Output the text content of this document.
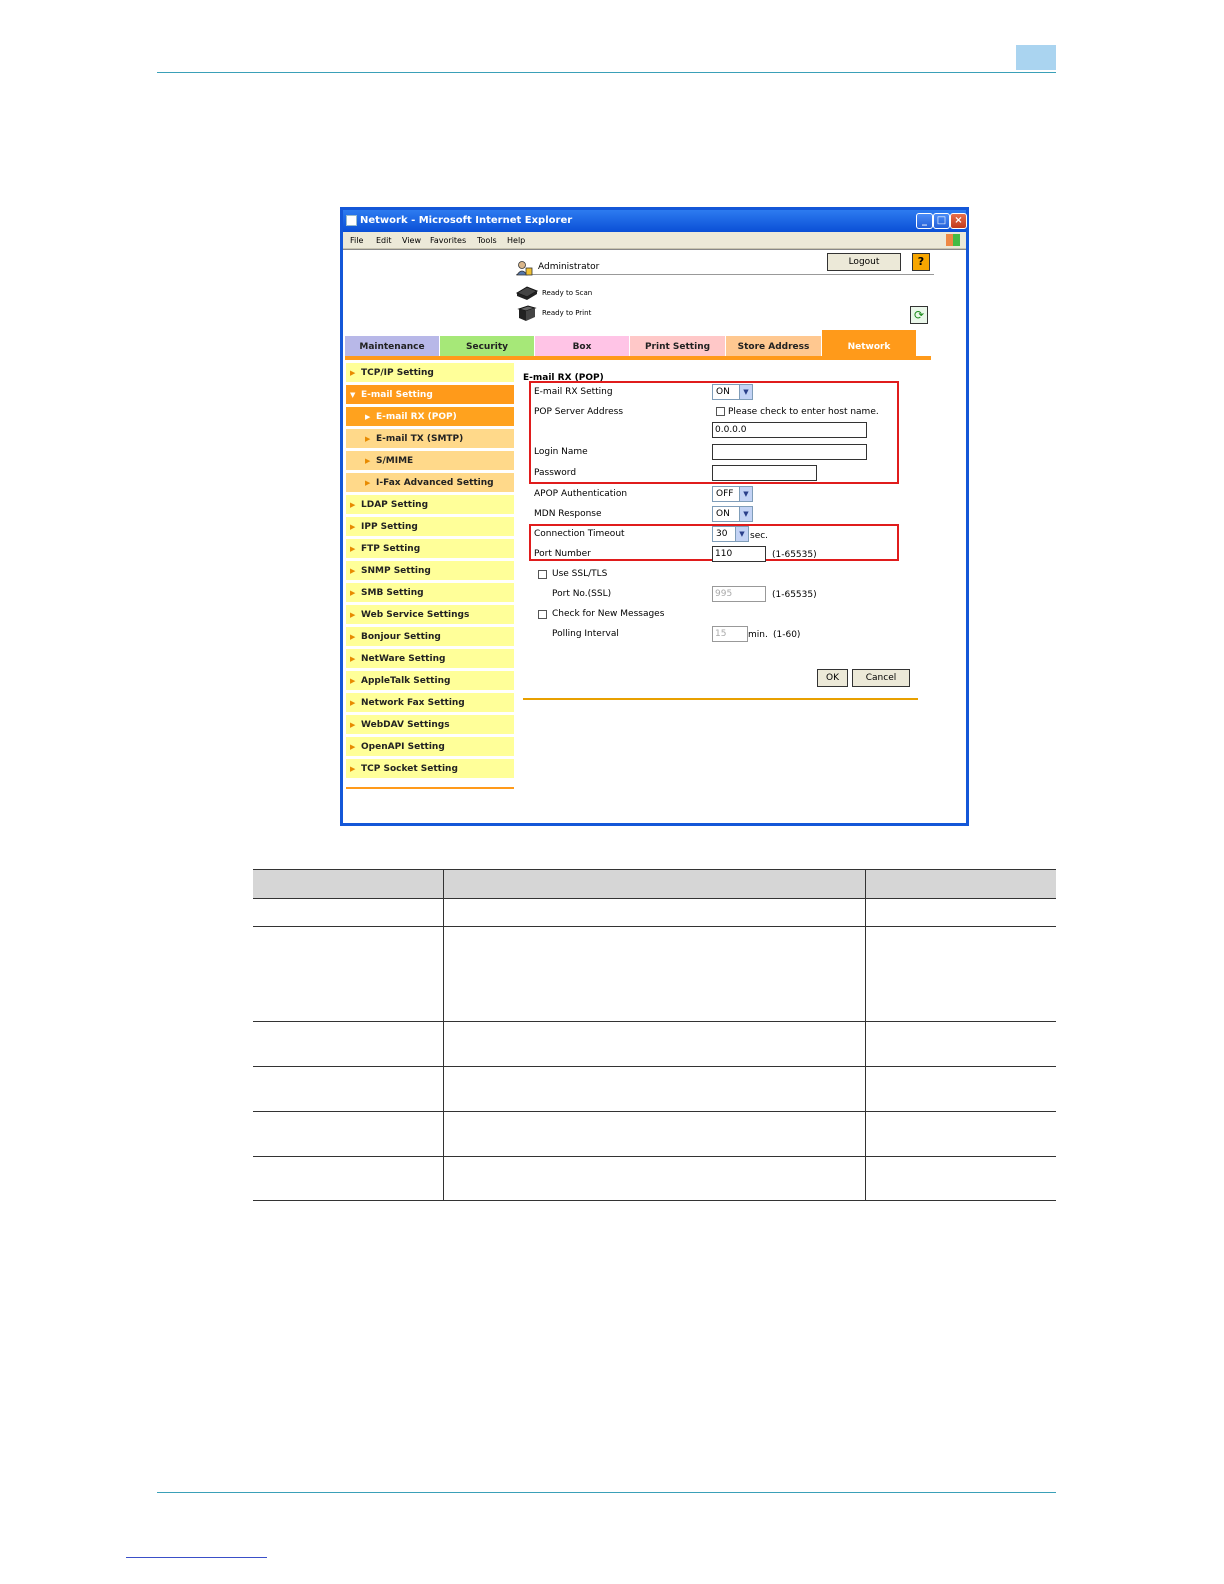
Network - Microsoft Internet Explorer	_ □ ×
File Edit View Favorites Tools Help
Administrator	Logout	?
Ready to Scan
Ready to Print	⟳
Maintenance	Security	Box	Print Setting	Store Address	Network
▶ TCP/IP Setting
▼ E-mail Setting
▶ E-mail RX (POP)
▶ E-mail TX (SMTP)
▶ S/MIME
▶ I-Fax Advanced Setting
▶ LDAP Setting
▶ IPP Setting
▶ FTP Setting
▶ SNMP Setting
▶ SMB Setting
▶ Web Service Settings
▶ Bonjour Setting
▶ NetWare Setting
▶ AppleTalk Setting
▶ Network Fax Setting
▶ WebDAV Settings
▶ OpenAPI Setting
▶ TCP Socket Setting
E-mail RX (POP)
E-mail RX Setting	ON	▼
POP Server Address	Please check to enter host name.
0.0.0.0
Login Name
Password
APOP Authentication	OFF	▼
MDN Response	ON	▼
Connection Timeout	30	▼ sec.
Port Number	110	(1-65535)
Use SSL/TLS
Port No.(SSL)	995	(1-65535)
Check for New Messages
Polling Interval	15	min. (1-60)
OK	Cancel
